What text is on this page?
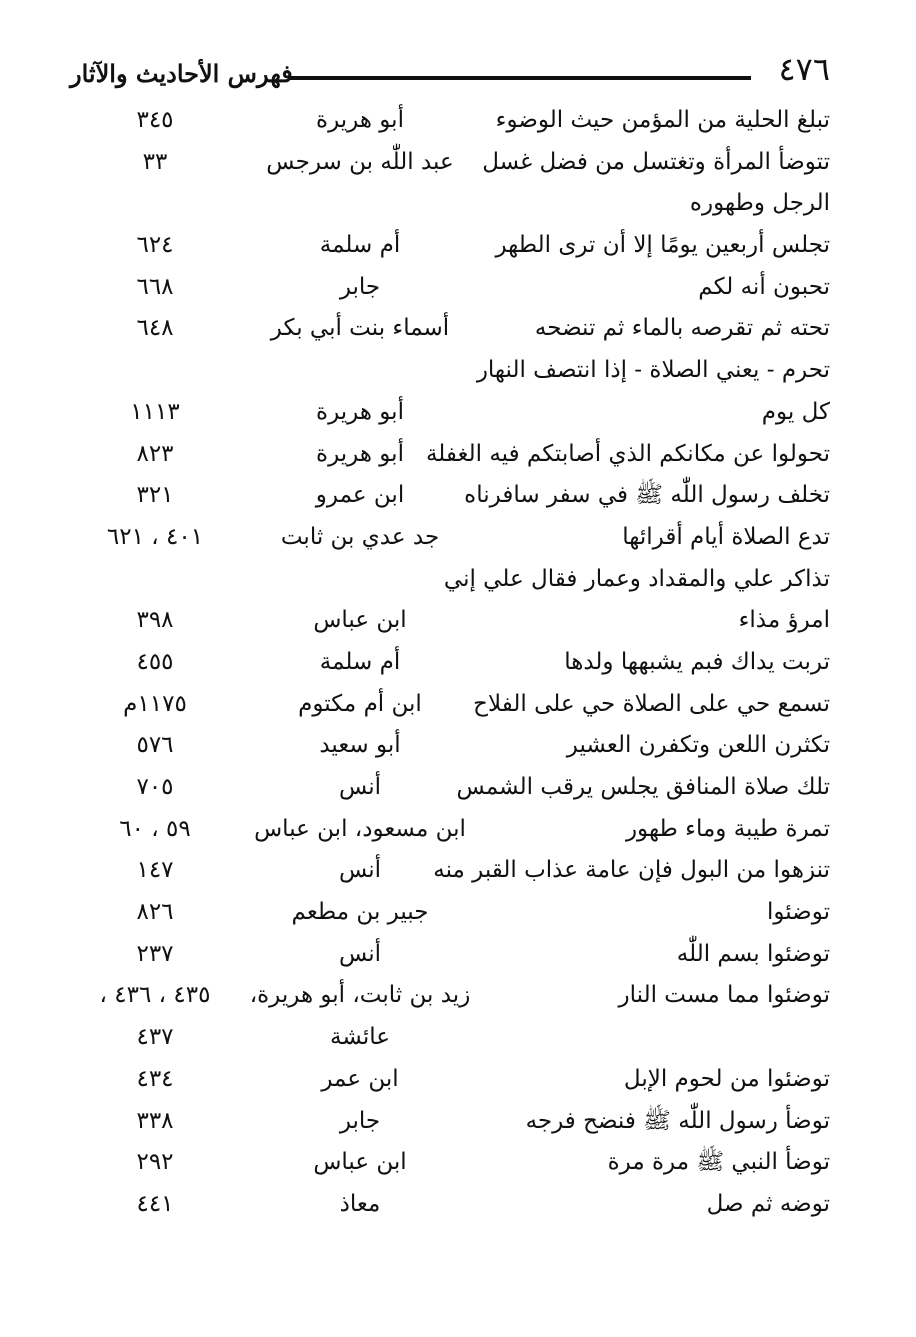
٤٧٦
فهرس الأحاديث والآثار
تبلغ الحلية من المؤمن حيث الوضوء
أبو هريرة
٣٤٥
تتوضأ المرأة وتغتسل من فضل غسل
عبد اللّٰه بن سرجس
٣٣
الرجل وطهوره
تجلس أربعين يومًا إلا أن ترى الطهر
أم سلمة
٦٢٤
تحبون أنه لكم
جابر
٦٦٨
تحته ثم تقرصه بالماء ثم تنضحه
أسماء بنت أبي بكر
٦٤٨
تحرم - يعني الصلاة - إذا انتصف النهار
كل يوم
أبو هريرة
١١١٣
تحولوا عن مكانكم الذي أصابتكم فيه الغفلة
أبو هريرة
٨٢٣
تخلف رسول اللّٰه ﷺ في سفر سافرناه
ابن عمرو
٣٢١
تدع الصلاة أيام أقرائها
جد عدي بن ثابت
٤٠١ ، ٦٢١
تذاكر علي والمقداد وعمار فقال علي إني
امرؤ مذاء
ابن عباس
٣٩٨
تربت يداك فبم يشبهها ولدها
أم سلمة
٤٥٥
تسمع حي على الصلاة حي على الفلاح
ابن أم مكتوم
١١٧٥م
تكثرن اللعن وتكفرن العشير
أبو سعيد
٥٧٦
تلك صلاة المنافق يجلس يرقب الشمس
أنس
٧٠٥
تمرة طيبة وماء طهور
ابن مسعود، ابن عباس
٥٩ ، ٦٠
تنزهوا من البول فإن عامة عذاب القبر منه
أنس
١٤٧
توضئوا
جبير بن مطعم
٨٢٦
توضئوا بسم اللّٰه
أنس
٢٣٧
توضئوا مما مست النار
زيد بن ثابت، أبو هريرة،
٤٣٥ ، ٤٣٦ ،
عائشة
٤٣٧
توضئوا من لحوم الإبل
ابن عمر
٤٣٤
توضأ رسول اللّٰه ﷺ فنضح فرجه
جابر
٣٣٨
توضأ النبي ﷺ مرة مرة
ابن عباس
٢٩٢
توضه ثم صل
معاذ
٤٤١
